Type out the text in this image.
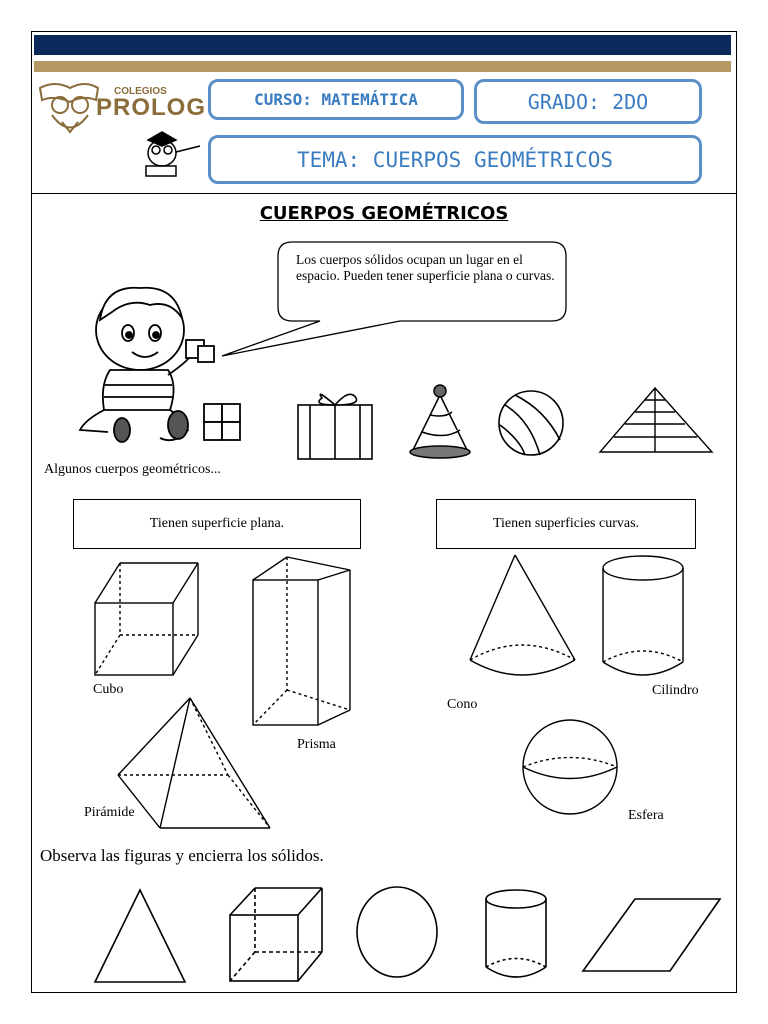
COLEGIOS
PROLOG	CURSO: MATEMÁTICA	GRADO: 2DO
TEMA: CUERPOS GEOMÉTRICOS
CUERPOS GEOMÉTRICOS
Los cuerpos sólidos ocupan un lugar en el espacio. Pueden tener superficie plana o curvas.
Algunos cuerpos geométricos...
Tienen superficie plana.	Tienen superficies curvas.
Cubo
Prisma
Pirámide
Cono
Cilindro
Esfera
Observa las figuras y encierra los sólidos.
